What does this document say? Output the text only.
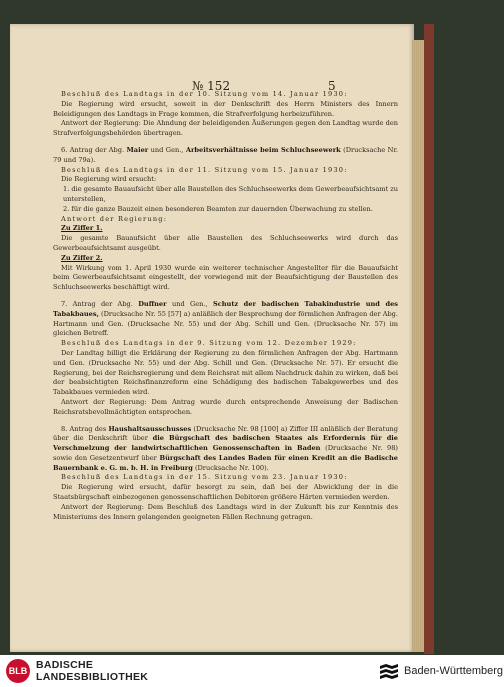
№ 152	5

Beschluß des Landtags in der 10. Sitzung vom 14. Januar 1930:

Die Regierung wird ersucht, soweit in der Denkschrift des Herrn Ministers des Innern Beleidigungen des Landtags in Frage kommen, die Strafverfolgung herbeizuführen.

Antwort der Regierung: Die Ahndung der beleidigenden Äußerungen gegen den Landtag wurde den Strafverfolgungsbehörden übertragen.

6. Antrag der Abg. Maier und Gen., Arbeitsverhältnisse beim Schluchseewerk (Drucksache Nr. 79 und 79a).

Beschluß des Landtags in der 11. Sitzung vom 15. Januar 1930:

Die Regierung wird ersucht:

1. die gesamte Bauaufsicht über alle Baustellen des Schluchseewerks dem Gewerbeaufsichtsamt zu unterstellen,

2. für die ganze Bauzeit einen besonderen Beamten zur dauernden Überwachung zu stellen.

Antwort der Regierung:

Zu Ziffer 1.

Die gesamte Bauaufsicht über alle Baustellen des Schluchseewerks wird durch das Gewerbeaufsichtsamt ausgeübt.

Zu Ziffer 2.

Mit Wirkung vom 1. April 1930 wurde ein weiterer technischer Angestellter für die Bauaufsicht beim Gewerbeaufsichtsamt eingestellt, der vorwiegend mit der Beaufsichtigung der Baustellen des Schluchseewerks beschäftigt wird.

7. Antrag der Abg. Duffner und Gen., Schutz der badischen Tabakindustrie und des Tabakbaues, (Drucksache Nr. 55 [57] a) anläßlich der Besprechung der förmlichen Anfragen der Abg. Hartmann und Gen. (Drucksache Nr. 55) und der Abg. Schill und Gen. (Drucksache Nr. 57) im gleichen Betreff.

Beschluß des Landtags in der 9. Sitzung vom 12. Dezember 1929:

Der Landtag billigt die Erklärung der Regierung zu den förmlichen Anfragen der Abg. Hartmann und Gen. (Drucksache Nr. 55) und der Abg. Schill und Gen. (Drucksache Nr. 57). Er ersucht die Regierung, bei der Reichsregierung und dem Reichsrat mit allem Nachdruck dahin zu wirken, daß bei der beabsichtigten Reichsfinanzreform eine Schädigung des badischen Tabakgewerbes und des Tabakbaues vermieden wird.

Antwort der Regierung: Dem Antrag wurde durch entsprechende Anweisung der Badischen Reichsratsbevollmächtigten entsprochen.

8. Antrag des Haushaltsausschusses (Drucksache Nr. 98 [100] a) Ziffer III anläßlich der Beratung über die Denkschrift über die Bürgschaft des badischen Staates als Erfordernis für die Verschmelzung der landwirtschaftlichen Genossenschaften in Baden (Drucksache Nr. 98) sowie den Gesetzentwurf über Bürgschaft des Landes Baden für einen Kredit an die Badische Bauernbank e. G. m. b. H. in Freiburg (Drucksache Nr. 100).

Beschluß des Landtags in der 15. Sitzung vom 23. Januar 1930:

Die Regierung wird ersucht, dafür besorgt zu sein, daß bei der Abwicklung der in die Staatsbürgschaft einbezogenen genossenschaftlichen Debitoren größere Härten vermieden werden.

Antwort der Regierung: Dem Beschluß des Landtags wird in der Zukunft bis zur Kenntnis des Ministeriums des Innern gelangenden geeigneten Fällen Rechnung getragen.

BLB BADISCHE
LANDESBIBLIOTHEK	Baden-Württemberg
